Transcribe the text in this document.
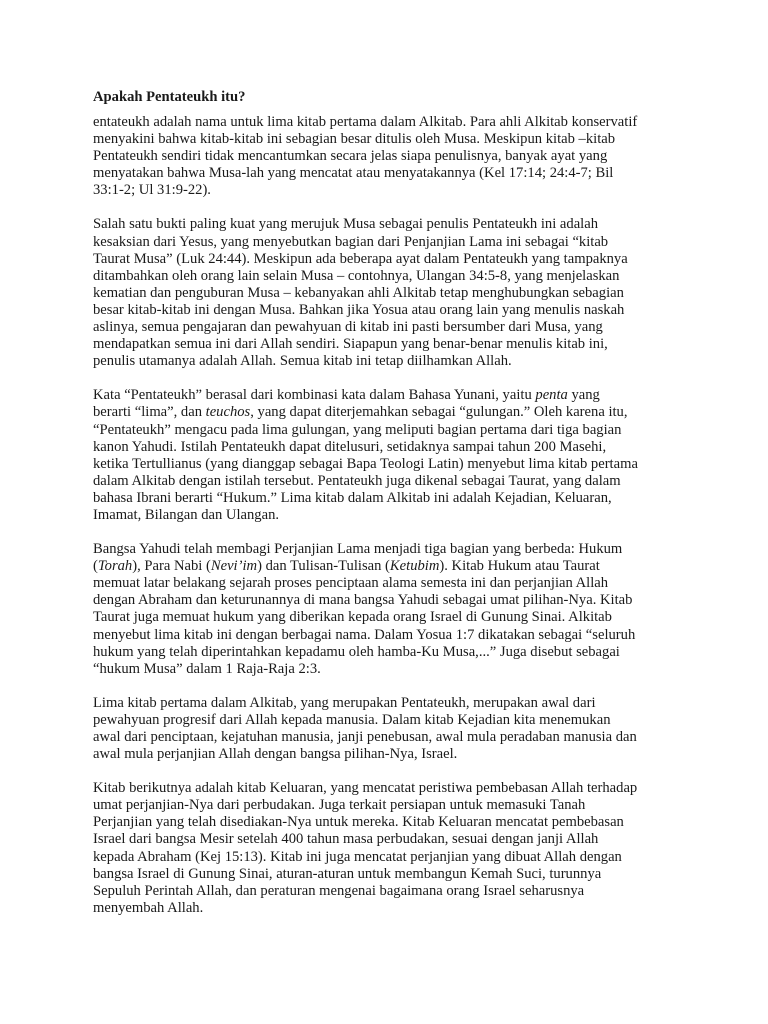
Apakah Pentateukh itu?
entateukh adalah nama untuk lima kitab pertama dalam Alkitab. Para ahli Alkitab konservatif
menyakini bahwa kitab-kitab ini sebagian besar ditulis oleh Musa. Meskipun kitab –kitab
Pentateukh sendiri tidak mencantumkan secara jelas siapa penulisnya, banyak ayat yang
menyatakan bahwa Musa-lah yang mencatat atau menyatakannya (Kel 17:14; 24:4-7; Bil
33:1-2; Ul 31:9-22).
Salah satu bukti paling kuat yang merujuk Musa sebagai penulis Pentateukh ini adalah
kesaksian dari Yesus, yang menyebutkan bagian dari Penjanjian Lama ini sebagai “kitab
Taurat Musa” (Luk 24:44). Meskipun ada beberapa ayat dalam Pentateukh yang tampaknya
ditambahkan oleh orang lain selain Musa – contohnya, Ulangan 34:5-8, yang menjelaskan
kematian dan penguburan Musa – kebanyakan ahli Alkitab tetap menghubungkan sebagian
besar kitab-kitab ini dengan Musa. Bahkan jika Yosua atau orang lain yang menulis naskah
aslinya, semua pengajaran dan pewahyuan di kitab ini pasti bersumber dari Musa, yang
mendapatkan semua ini dari Allah sendiri. Siapapun yang benar-benar menulis kitab ini,
penulis utamanya adalah Allah. Semua kitab ini tetap diilhamkan Allah.
Kata “Pentateukh” berasal dari kombinasi kata dalam Bahasa Yunani, yaitu penta yang
berarti “lima”, dan teuchos, yang dapat diterjemahkan sebagai “gulungan.” Oleh karena itu,
“Pentateukh” mengacu pada lima gulungan, yang meliputi bagian pertama dari tiga bagian
kanon Yahudi. Istilah Pentateukh dapat ditelusuri, setidaknya sampai tahun 200 Masehi,
ketika Tertullianus (yang dianggap sebagai Bapa Teologi Latin) menyebut lima kitab pertama
dalam Alkitab dengan istilah tersebut. Pentateukh juga dikenal sebagai Taurat, yang dalam
bahasa Ibrani berarti “Hukum.” Lima kitab dalam Alkitab ini adalah Kejadian, Keluaran,
Imamat, Bilangan dan Ulangan.
Bangsa Yahudi telah membagi Perjanjian Lama menjadi tiga bagian yang berbeda: Hukum
(Torah), Para Nabi (Nevi’im) dan Tulisan-Tulisan (Ketubim). Kitab Hukum atau Taurat
memuat latar belakang sejarah proses penciptaan alama semesta ini dan perjanjian Allah
dengan Abraham dan keturunannya di mana bangsa Yahudi sebagai umat pilihan-Nya. Kitab
Taurat juga memuat hukum yang diberikan kepada orang Israel di Gunung Sinai. Alkitab
menyebut lima kitab ini dengan berbagai nama. Dalam Yosua 1:7 dikatakan sebagai “seluruh
hukum yang telah diperintahkan kepadamu oleh hamba-Ku Musa,...” Juga disebut sebagai
“hukum Musa” dalam 1 Raja-Raja 2:3.
Lima kitab pertama dalam Alkitab, yang merupakan Pentateukh, merupakan awal dari
pewahyuan progresif dari Allah kepada manusia. Dalam kitab Kejadian kita menemukan
awal dari penciptaan, kejatuhan manusia, janji penebusan, awal mula peradaban manusia dan
awal mula perjanjian Allah dengan bangsa pilihan-Nya, Israel.
Kitab berikutnya adalah kitab Keluaran, yang mencatat peristiwa pembebasan Allah terhadap
umat perjanjian-Nya dari perbudakan. Juga terkait persiapan untuk memasuki Tanah
Perjanjian yang telah disediakan-Nya untuk mereka. Kitab Keluaran mencatat pembebasan
Israel dari bangsa Mesir setelah 400 tahun masa perbudakan, sesuai dengan janji Allah
kepada Abraham (Kej 15:13). Kitab ini juga mencatat perjanjian yang dibuat Allah dengan
bangsa Israel di Gunung Sinai, aturan-aturan untuk membangun Kemah Suci, turunnya
Sepuluh Perintah Allah, dan peraturan mengenai bagaimana orang Israel seharusnya
menyembah Allah.
